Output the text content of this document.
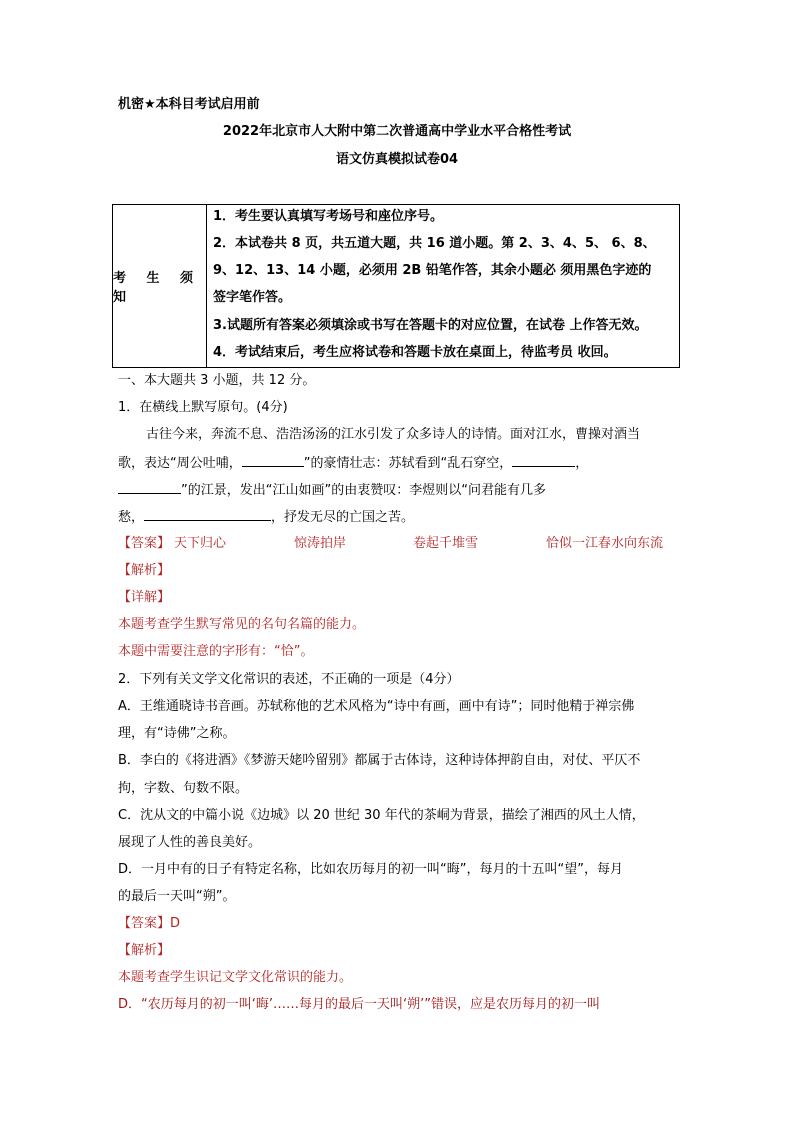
机密★本科目考试启用前
2022年北京市人大附中第二次普通高中学业水平合格性考试
语文仿真模拟试卷04
考 生 须 知
1．考生要认真填写考场号和座位序号。
2．本试卷共 8 页，共五道大题，共 16 道小题。第 2、3、4、5、 6、8、
9、12、13、14 小题，必须用 2B 铅笔作答，其余小题必 须用黑色字迹的
签字笔作答。
3.试题所有答案必须填涂或书写在答题卡的对应位置，在试卷 上作答无效。
4．考试结束后，考生应将试卷和答题卡放在桌面上，待监考员 收回。
一、本大题共 3 小题，共 12 分。
1．在横线上默写原句。(4分)
古往今来，奔流不息、浩浩汤汤的江水引发了众多诗人的诗情。面对江水，曹操对酒当
歌，表达“周公吐哺，	”的豪情壮志：苏轼看到“乱石穿空，	，
”的江景，发出“江山如画”的由衷赞叹：李煜则以“问君能有几多
愁，	，抒发无尽的亡国之苦。
【答案】 天下归心	惊涛拍岸	卷起千堆雪	恰似一江春水向东流
【解析】
【详解】
本题考查学生默写常见的名句名篇的能力。
本题中需要注意的字形有：“恰”。
2．下列有关文学文化常识的表述，不正确的一项是（4分）
A．王维通晓诗书音画。苏轼称他的艺术风格为“诗中有画，画中有诗”；同时他精于禅宗佛
理，有“诗佛”之称。
B．李白的《将进酒》《梦游天姥吟留别》都属于古体诗，这种诗体押韵自由，对仗、平仄不
拘，字数、句数不限。
C．沈从文的中篇小说《边城》以 20 世纪 30 年代的茶峒为背景，描绘了湘西的风土人情，
展现了人性的善良美好。
D．一月中有的日子有特定名称，比如农历每月的初一叫“晦”，每月的十五叫“望”，每月
的最后一天叫“朔”。
【答案】D
【解析】
本题考查学生识记文学文化常识的能力。
D．“农历每月的初一叫‘晦’……每月的最后一天叫‘朔’”错误，应是农历每月的初一叫
